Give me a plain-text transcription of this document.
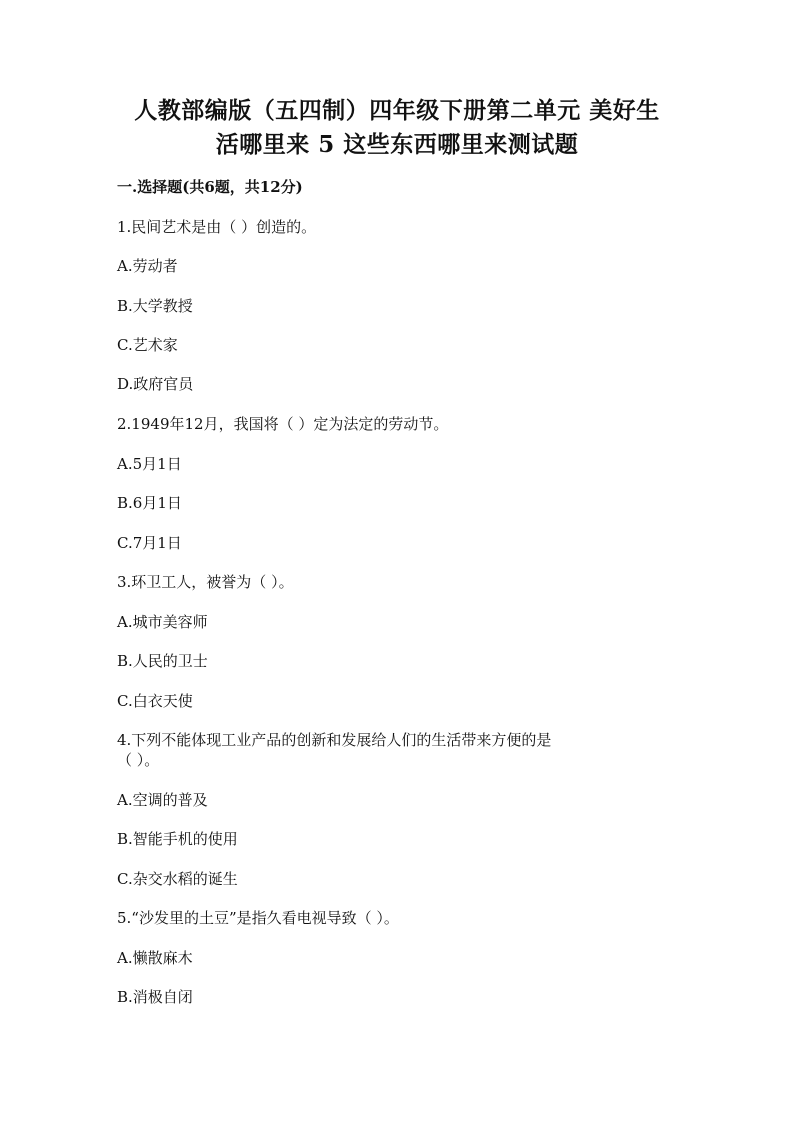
人教部编版（五四制）四年级下册第二单元 美好生
活哪里来 5 这些东西哪里来测试题
一.选择题(共6题，共12分)
1.民间艺术是由（ ）创造的。
A.劳动者
B.大学教授
C.艺术家
D.政府官员
2.1949年12月，我国将（ ）定为法定的劳动节。
A.5月1日
B.6月1日
C.7月1日
3.环卫工人，被誉为（ ）。
A.城市美容师
B.人民的卫士
C.白衣天使
4.下列不能体现工业产品的创新和发展给人们的生活带来方便的是
（ ）。
A.空调的普及
B.智能手机的使用
C.杂交水稻的诞生
5.“沙发里的土豆”是指久看电视导致（ ）。
A.懒散麻木
B.消极自闭
